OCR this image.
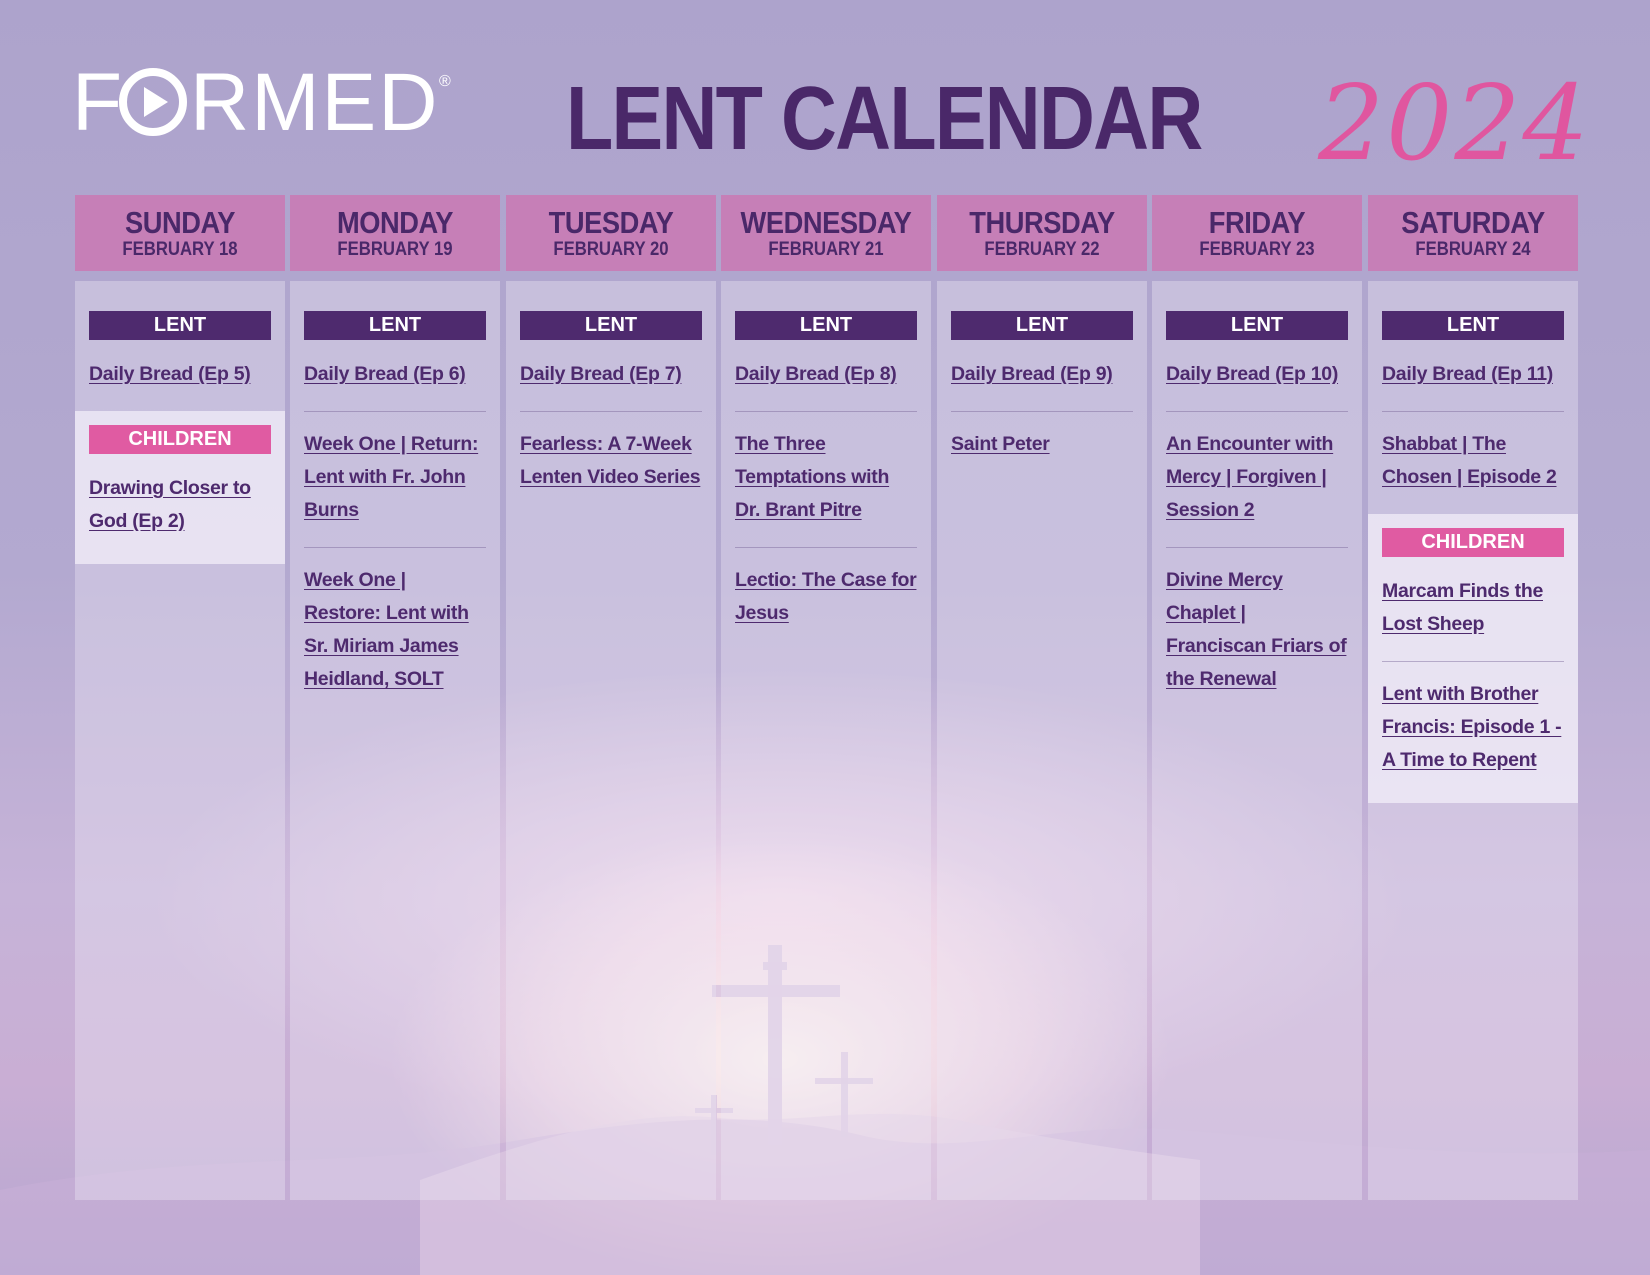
F RMED ® LENT CALENDAR 2024
SUNDAY
FEBRUARY 18
LENT
Daily Bread (Ep 5)
CHILDREN
Drawing Closer to God (Ep 2)
MONDAY
FEBRUARY 19
LENT
Daily Bread (Ep 6)
Week One | Return: Lent with Fr. John Burns
Week One | Restore: Lent with Sr. Miriam James Heidland, SOLT
TUESDAY
FEBRUARY 20
LENT
Daily Bread (Ep 7)
Fearless: A 7-Week Lenten Video Series
WEDNESDAY
FEBRUARY 21
LENT
Daily Bread (Ep 8)
The Three Temptations with Dr. Brant Pitre
Lectio: The Case for Jesus
THURSDAY
FEBRUARY 22
LENT
Daily Bread (Ep 9)
Saint Peter
FRIDAY
FEBRUARY 23
LENT
Daily Bread (Ep 10)
An Encounter with Mercy | Forgiven | Session 2
Divine Mercy Chaplet | Franciscan Friars of the Renewal
SATURDAY
FEBRUARY 24
LENT
Daily Bread (Ep 11)
Shabbat | The Chosen | Episode 2
CHILDREN
Marcam Finds the Lost Sheep
Lent with Brother Francis: Episode 1 - A Time to Repent
